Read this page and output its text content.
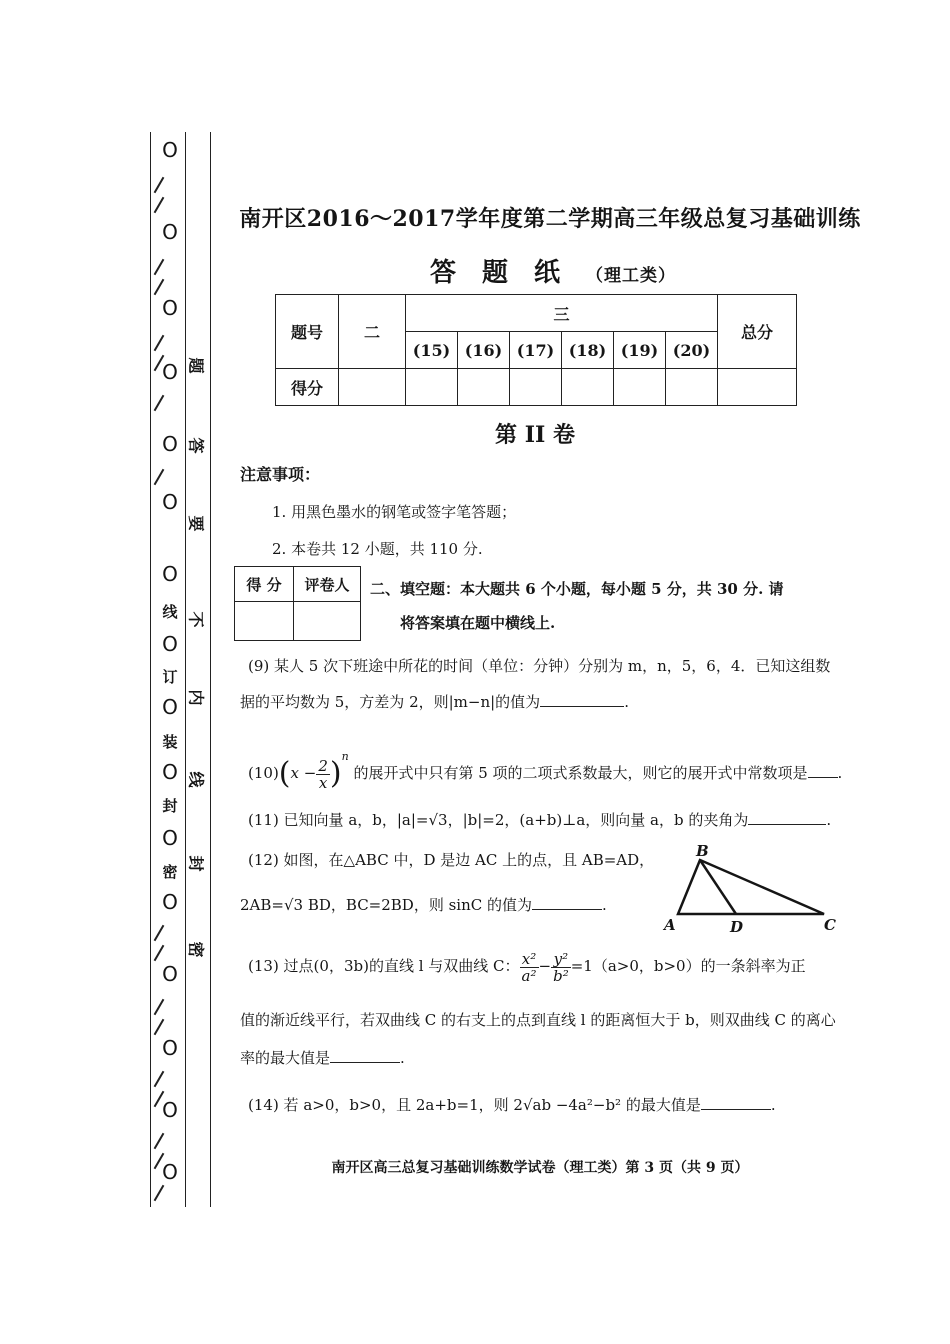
O
O
O
O
O
O
O
线
O
订
O
装
O
封
O
密
O
O
O
O
O
题
答
要
不
内
线
封
密
南开区2016～2017学年度第二学期高三年级总复习基础训练
答题纸（理工类）
题号	二	三						总分
		(15)	(16)	(17)	(18)	(19)	(20)	
得分								
第 II 卷
注意事项：
1. 用黑色墨水的钢笔或签字笔答题；
2. 本卷共 12 小题，共 110 分.
得 分	评卷人
	二、填空题：本大题共 6 个小题，每小题 5 分，共 30 分. 请
将答案填在题中横线上.
(9) 某人 5 次下班途中所花的时间（单位：分钟）分别为 m，n，5，6，4．已知这组数
据的平均数为 5，方差为 2，则|m−n|的值为	.
$(10)(x - \frac{2}{x} )^n$ 的展开式中只有第 5 项的二项式系数最大，则它的展开式中常数项是 .
(11) 已知向量 a，b，|a|=√3，|b|=2，(a+b)⊥a，则向量 a，b 的夹角为	.
(12) 如图，在△ABC 中，D 是边 AC 上的点，且 AB=AD，
2AB=√3 BD，BC=2BD，则 sinC 的值为	.
B
A	D	C
(13) 过点(0，3b)的直线 l 与双曲线 C： $\frac{\text{x²}}{\text{a²}} - \frac{\text{y²}}{\text{b²}} =1(a>0$，b>0）的一条斜率为正
值的渐近线平行，若双曲线 C 的右支上的点到直线 l 的距离恒大于 b，则双曲线 C 的离心
率的最大值是	.
(14) 若 a>0，b>0，且 2a+b=1，则 2√ab −4a²−b² 的最大值是	.
南开区高三总复习基础训练数学试卷（理工类）第 3 页（共 9 页）
